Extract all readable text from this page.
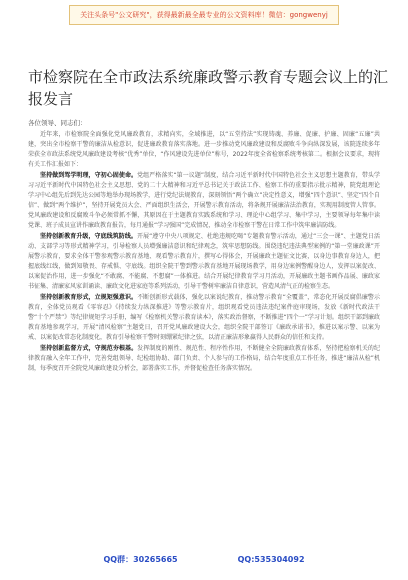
关注头条号"公文研究"，获得最新最全最专业的公文资料库！微信：gongwenyj
市检察院在全市政法系统廉政警示教育专题会议上的汇报发言
各位领导、同志们：

近年来，市检察院全面强化党风廉政教育，求精向实，全域推进，以“五堂持法”实现铸魂、养廉、促廉、护廉、固廉“五廉”共建，突出全市检察干警的廉洁从检意识，促进廉政教育落实落地。进一步推动党风廉政建设和反腐败斗争向纵深发展，该院连续多年荣获全市政法系统党风廉政建设考核“优秀”单位，“作风建设先进单位”称号，2022年度全省检察系统考核第二。根据会议要求，现将有关工作汇报如下：

坚持做到驾学明理，守初心固使命。党组严格落实“第一议题”制度，结合习近平新时代中国特色社会主义思想主题教育，带头学习习近平新时代中国特色社会主义思想、党的二十大精神和习近平总书记关于政法工作、检察工作的重要指示批示精神，院党组理论学习中心组先后到先达公园等地举办现场教学，进行党纪法规教育，深刻领悟“两个确立”决定性意义，增强“四个意识”、坚定“四个自信”、做到“两个维护”，坚持开展党员大会、严面组织生活会，开展警示教育活动，将条规开展廉洁法治教育，实现用制度管人管事。党风廉政建设和反腐败斗争必须常抓不懈，其原因在于主题教育实践系统和学习、理论中心组学习、集中学习，主要领导每年集中读党课、班子成员宣讲作廉政教育报告，每月通报“学习强国”完成情况，推动全市检察干警在日常工作中筑牢廉洁防线。

坚持创新教育升级，守底线筑防线。开展“遵守中央八项规定、杜绝违规吃喝”专题教育警示活动，通过“三会一课”、主题党日活动、支部学习等形式精神学习，引导检察人员增强廉洁意识和纪律观念，筑牢思想防线。围绕违纪违法典型案例的“第一堂廉政课”开展警示教育，要求全体干警参观警示教育基地、观看警示教育片，撰写心得体会，开展廉政主题征文比赛，以身边事教育身边人，把握底线红线，做到知敬畏、存戒惧、守底线。组织全院干警到警示教育基地开展现场教学，用身边案例警醒身边人，发挥以案促改、以案促治作用，进一步强化“不敢腐、不能腐、不想腐”一体推进。结合开展纪律教育学习月活动，开展廉政主题书画作品展、廉政家书征集、清廉家风家训诵读、廉政文化进家庭等系列活动，引导干警树牢廉洁自律意识，营造风清气正的检察生态。

坚持创新教育形式，立规矩强意识。不断创新形式载体，强化以案说纪教育，推动警示教育“全覆盖”，常态化开展反腐倡廉警示教育，全体党员观看《零容忍》《持续发力纵深推进》等警示教育片，组织观看党员违法违纪案件庭审现场，发放《新时代政法干警“十个严禁”》等纪律规矩学习手册，编写《检察机关警示教育读本》，落实政治督察，不断推进“四个一”学习计划。组织干部到廉政教育基地参观学习，开展“清风检察”主题党日，召开党风廉政建设大会，组织全院干部签订《廉政承诺书》，推进以案示警、以案为戒、以案促改常态化制度化，教育引导检察干警时刻绷紧纪律之弦，以清正廉洁形象赢得人民群众的信任和支持。

坚持创新监督方式，守规范夯根基。发挥制度的刚性、规范性、程序性作用，不断健全全院廉政教育体系，坚持把检察机关的纪律教育融入全年工作中，完善党组领导、纪检组协助、部门负责、个人参与的工作格局，结合年度重点工作任务，推进“廉洁从检”机制，每季度召开全院党风廉政建设分析会，部署落实工作，并督促检查任务落实情况。

QQ群：30265665	QQ:535304092
